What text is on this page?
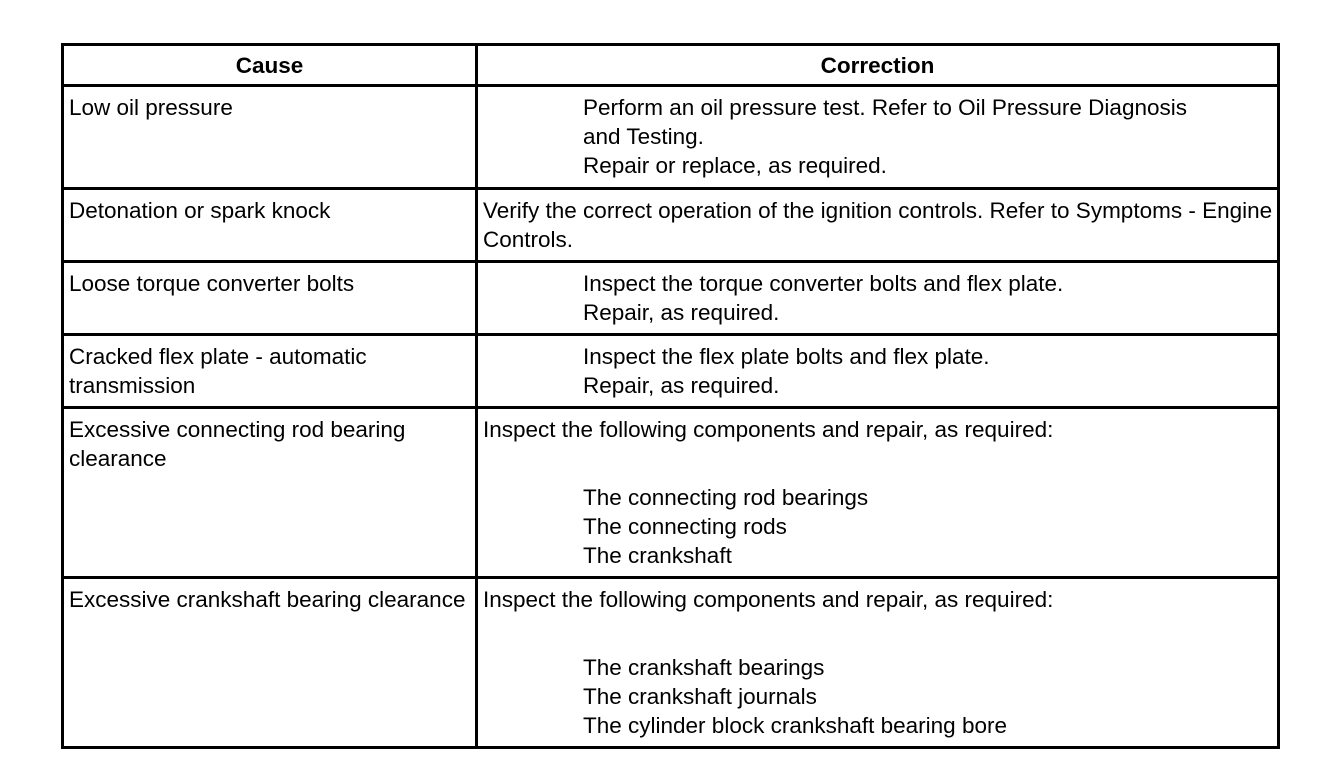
Cause	Correction

Low oil pressure	Perform an oil pressure test. Refer to Oil Pressure Diagnosis
and Testing.
Repair or replace, as required.

Detonation or spark knock	Verify the correct operation of the ignition controls. Refer to Symptoms - Engine Controls.

Loose torque converter bolts	Inspect the torque converter bolts and flex plate.
Repair, as required.

Cracked flex plate - automatic transmission	Inspect the flex plate bolts and flex plate.
Repair, as required.

Excessive connecting rod bearing clearance	Inspect the following components and repair, as required:
The connecting rod bearings
The connecting rods
The crankshaft

Excessive crankshaft bearing clearance	Inspect the following components and repair, as required:
The crankshaft bearings
The crankshaft journals
The cylinder block crankshaft bearing bore
